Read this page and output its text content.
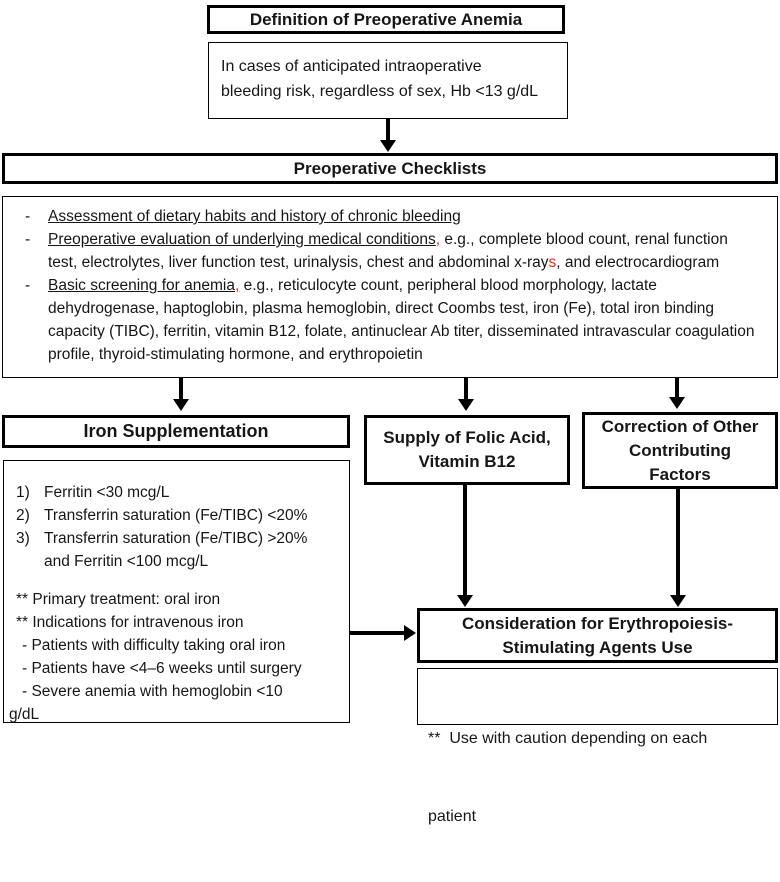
Definition of Preoperative Anemia
In cases of anticipated intraoperative
bleeding risk, regardless of sex, Hb <13 g/dL
Preoperative Checklists
- Assessment of dietary habits and history of chronic bleeding
- Preoperative evaluation of underlying medical conditions, e.g., complete blood count, renal function test, electrolytes, liver function test, urinalysis, chest and abdominal x-rays, and electrocardiogram
- Basic screening for anemia, e.g., reticulocyte count, peripheral blood morphology, lactate dehydrogenase, haptoglobin, plasma hemoglobin, direct Coombs test, iron (Fe), total iron binding capacity (TIBC), ferritin, vitamin B12, folate, antinuclear Ab titer, disseminated intravascular coagulation profile, thyroid-stimulating hormone, and erythropoietin
Iron Supplementation	Supply of Folic Acid,
Vitamin B12
Correction of Other
Contributing
Factors
1) Ferritin <30 mcg/L
2) Transferrin saturation (Fe/TIBC) <20%
3) Transferrin saturation (Fe/TIBC) >20%
and Ferritin <100 mcg/L
** Primary treatment: oral iron
** Indications for intravenous iron
- Patients with difficulty taking oral iron
- Patients have <4–6 weeks until surgery
- Severe anemia with hemoglobin <10
g/dL
Consideration for Erythropoiesis-
Stimulating Agents Use

**  Use with caution depending on each

patient
